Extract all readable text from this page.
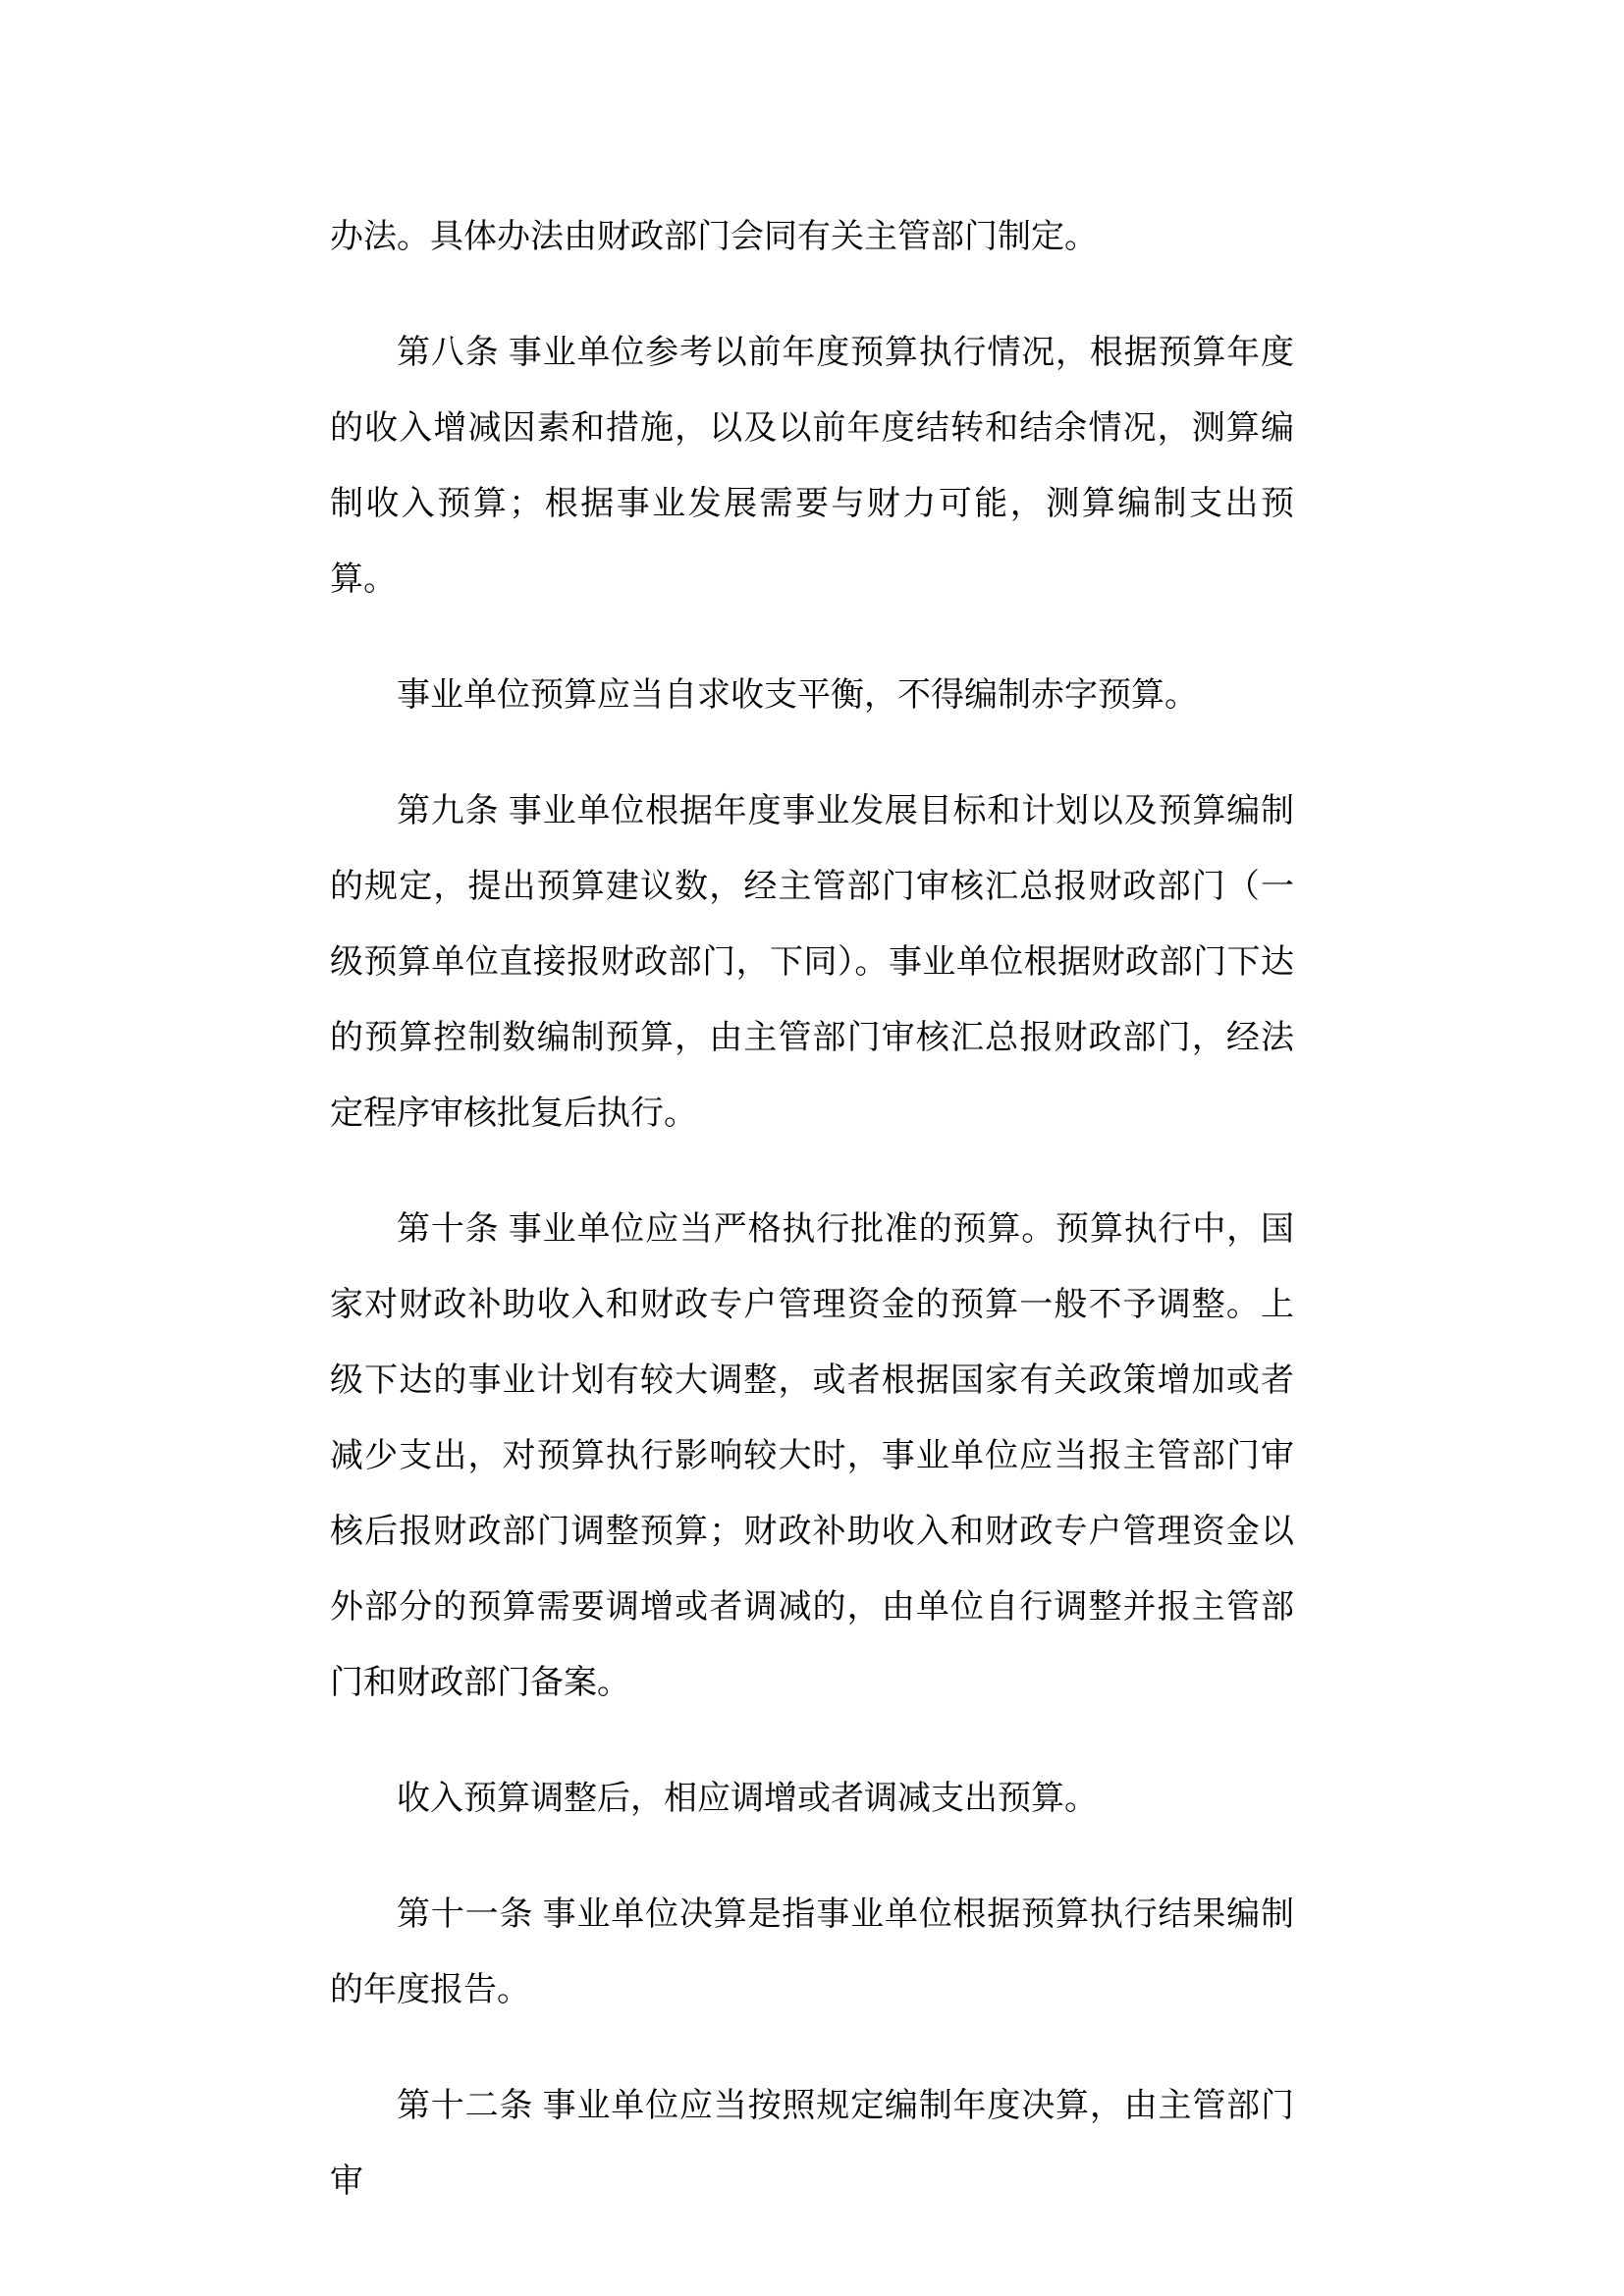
办法。具体办法由财政部门会同有关主管部门制定。

第八条 事业单位参考以前年度预算执行情况，根据预算年度的收入增减因素和措施，以及以前年度结转和结余情况，测算编制收入预算；根据事业发展需要与财力可能，测算编制支出预算。

事业单位预算应当自求收支平衡，不得编制赤字预算。

第九条 事业单位根据年度事业发展目标和计划以及预算编制的规定，提出预算建议数，经主管部门审核汇总报财政部门（一级预算单位直接报财政部门，下同）。事业单位根据财政部门下达的预算控制数编制预算，由主管部门审核汇总报财政部门，经法定程序审核批复后执行。

第十条 事业单位应当严格执行批准的预算。预算执行中，国家对财政补助收入和财政专户管理资金的预算一般不予调整。上级下达的事业计划有较大调整，或者根据国家有关政策增加或者减少支出，对预算执行影响较大时，事业单位应当报主管部门审核后报财政部门调整预算；财政补助收入和财政专户管理资金以外部分的预算需要调增或者调减的，由单位自行调整并报主管部门和财政部门备案。

收入预算调整后，相应调增或者调减支出预算。

第十一条 事业单位决算是指事业单位根据预算执行结果编制的年度报告。

第十二条 事业单位应当按照规定编制年度决算，由主管部门审
